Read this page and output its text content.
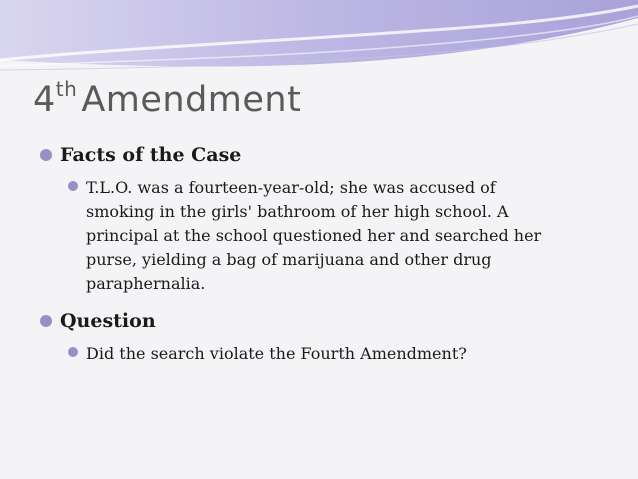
4th Amendment
Facts of the Case
T.L.O. was a fourteen-year-old; she was accused of
smoking in the girls' bathroom of her high school. A
principal at the school questioned her and searched her
purse, yielding a bag of marijuana and other drug
paraphernalia.
Question
Did the search violate the Fourth Amendment?
